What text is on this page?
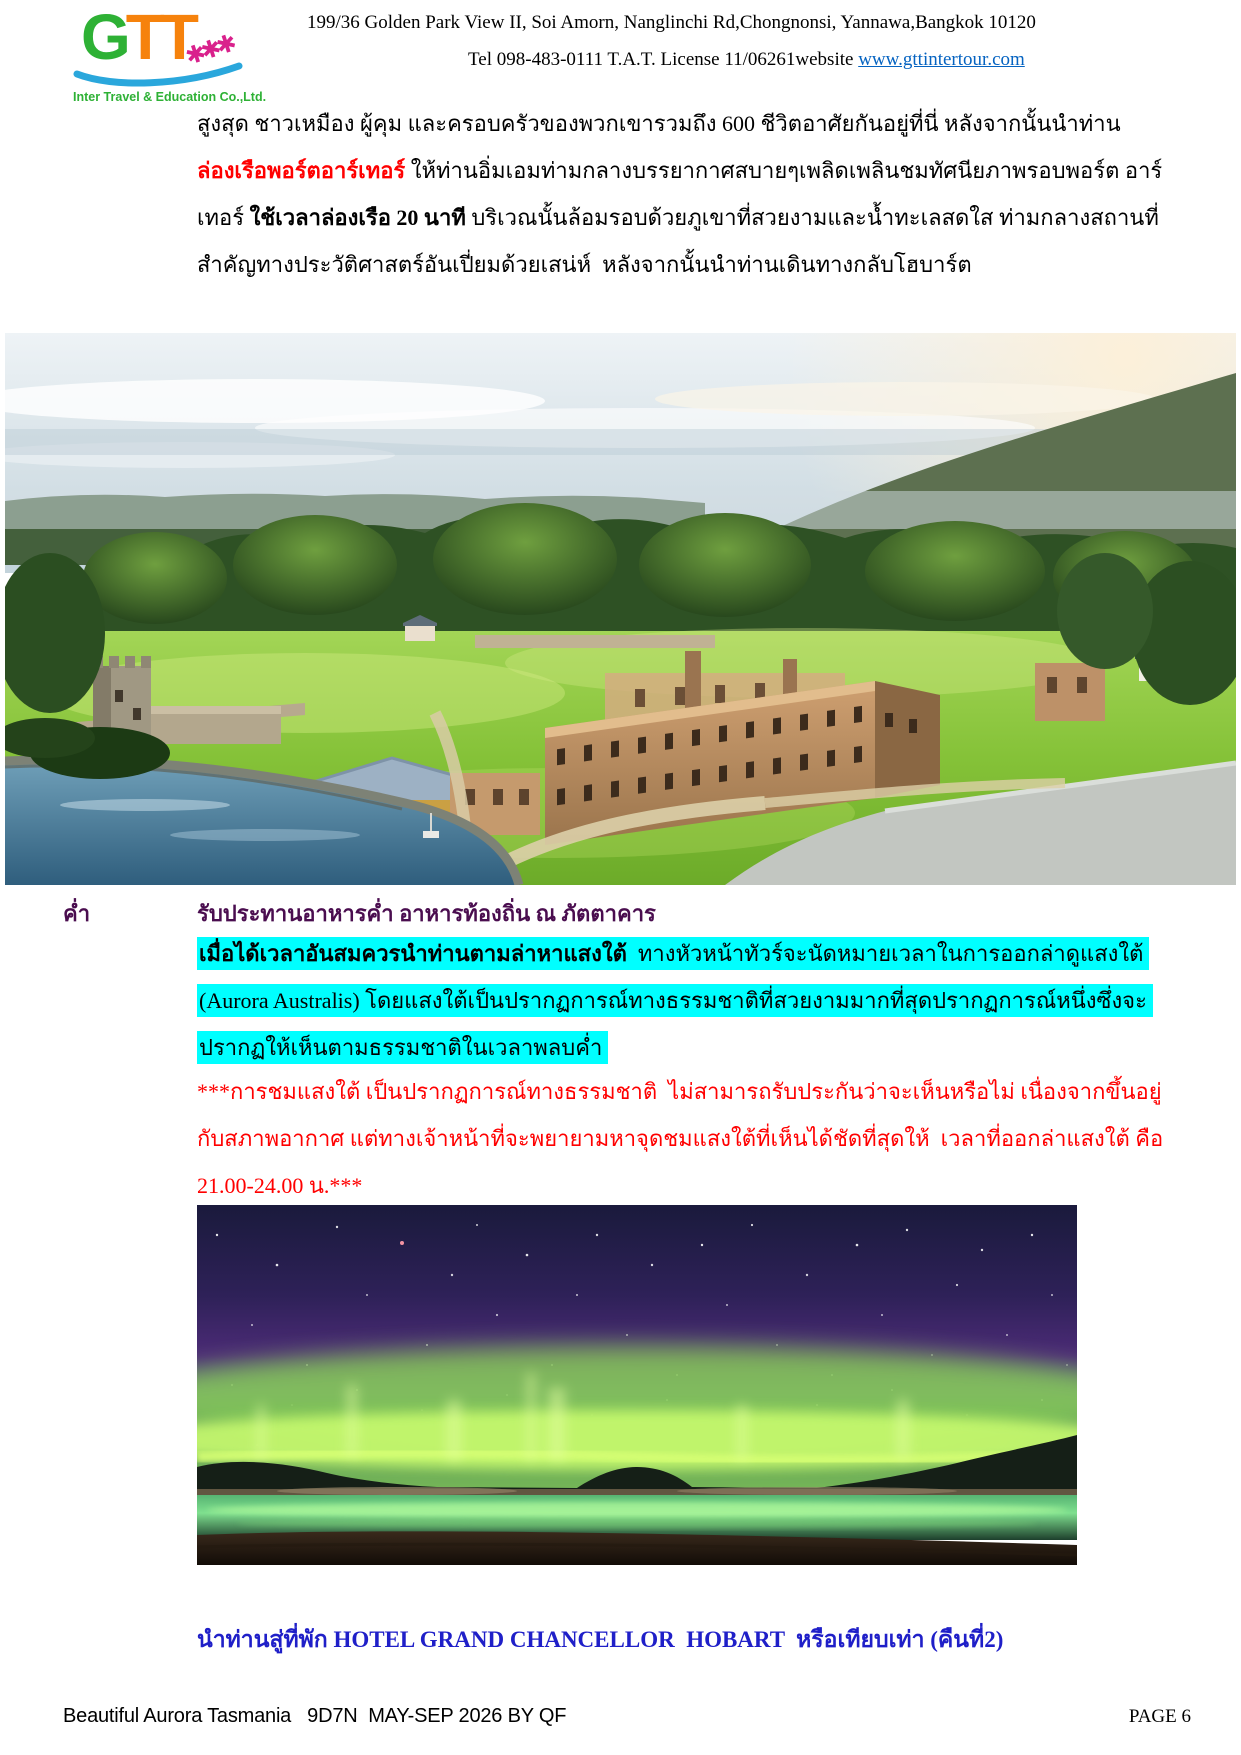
GTT
✱✱✱
Inter Travel & Education Co.,Ltd.
199/36 Golden Park View II, Soi Amorn, Nanglinchi Rd,Chongnonsi, Yannawa,Bangkok 10120
Tel 098-483-0111 T.A.T. License 11/06261website www.gttintertour.com
สูงสุด ชาวเหมือง ผู้คุม และครอบครัวของพวกเขารวมถึง 600 ชีวิตอาศัยกันอยู่ที่นี่ หลังจากนั้นนำท่าน
ล่องเรือพอร์ตอาร์เทอร์ ให้ท่านอิ่มเอมท่ามกลางบรรยากาศสบายๆเพลิดเพลินชมทัศนียภาพรอบพอร์ต อาร์
เทอร์ ใช้เวลาล่องเรือ 20 นาที บริเวณนั้นล้อมรอบด้วยภูเขาที่สวยงามและน้ำทะเลสดใส ท่ามกลางสถานที่
สำคัญทางประวัติศาสตร์อันเปี่ยมด้วยเสน่ห์  หลังจากนั้นนำท่านเดินทางกลับโฮบาร์ต
ค่ำ	รับประทานอาหารค่ำ อาหารท้องถิ่น ณ ภัตตาคาร
เมื่อได้เวลาอันสมควรนำท่านตามล่าหาแสงใต้  ทางหัวหน้าทัวร์จะนัดหมายเวลาในการออกล่าดูแสงใต้
(Aurora Australis) โดยแสงใต้เป็นปรากฏการณ์ทางธรรมชาติที่สวยงามมากที่สุดปรากฏการณ์หนึ่งซึ่งจะ
ปรากฏให้เห็นตามธรรมชาติในเวลาพลบค่ำ
***การชมแสงใต้ เป็นปรากฏการณ์ทางธรรมชาติ  ไม่สามารถรับประกันว่าจะเห็นหรือไม่ เนื่องจากขึ้นอยู่
กับสภาพอากาศ แต่ทางเจ้าหน้าที่จะพยายามหาจุดชมแสงใต้ที่เห็นได้ชัดที่สุดให้  เวลาที่ออกล่าแสงใต้ คือ
21.00-24.00 น.***
นำท่านสู่ที่พัก HOTEL GRAND CHANCELLOR  HOBART  หรือเทียบเท่า (คืนที่2)
Beautiful Aurora Tasmania   9D7N  MAY-SEP 2026 BY QF	PAGE 6
